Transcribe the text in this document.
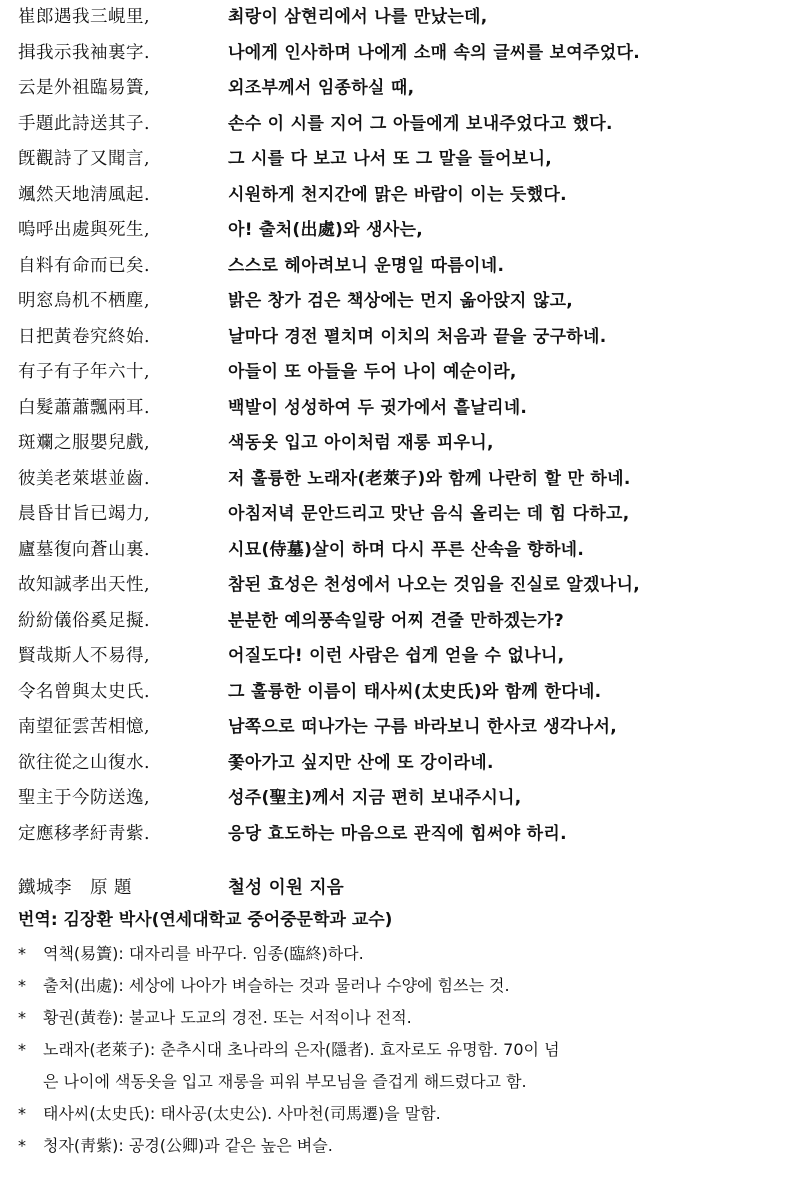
崔郎遇我三峴里,	최랑이 삼현리에서 나를 만났는데,
揖我示我袖裏字.	나에게 인사하며 나에게 소매 속의 글씨를 보여주었다.
云是外祖臨易簀,	외조부께서 임종하실 때,
手題此詩送其子.	손수 이 시를 지어 그 아들에게 보내주었다고 했다.
旣觀詩了又聞言,	그 시를 다 보고 나서 또 그 말을 들어보니,
颯然天地淸風起.	시원하게 천지간에 맑은 바람이 이는 듯했다.
嗚呼出處與死生,	아! 출처(出處)와 생사는,
自料有命而已矣.	스스로 헤아려보니 운명일 따름이네.
明窓烏机不栖塵,	밝은 창가 검은 책상에는 먼지 옮아앉지 않고,
日把黃卷究終始.	날마다 경전 펼치며 이치의 처음과 끝을 궁구하네.
有子有子年六十,	아들이 또 아들을 두어 나이 예순이라,
白髮蕭蕭飄兩耳.	백발이 성성하여 두 귓가에서 흩날리네.
斑斕之服嬰兒戲,	색동옷 입고 아이처럼 재롱 피우니,
彼美老萊堪並齒.	저 훌륭한 노래자(老萊子)와 함께 나란히 할 만 하네.
晨昏甘旨已竭力,	아침저녁 문안드리고 맛난 음식 올리는 데 힘 다하고,
廬墓復向蒼山裏.	시묘(侍墓)살이 하며 다시 푸른 산속을 향하네.
故知誠孝出天性,	참된 효성은 천성에서 나오는 것임을 진실로 알겠나니,
紛紛儀俗奚足擬.	분분한 예의풍속일랑 어찌 견줄 만하겠는가?
賢哉斯人不易得,	어질도다! 이런 사람은 쉽게 얻을 수 없나니,
令名曾與太史氏.	그 훌륭한 이름이 태사씨(太史氏)와 함께 한다네.
南望征雲苦相憶,	남쪽으로 떠나가는 구름 바라보니 한사코 생각나서,
欲往從之山復水.	쫓아가고 싶지만 산에 또 강이라네.
聖主于今防送逸,	성주(聖主)께서 지금 편히 보내주시니,
定應移孝紆靑紫.	응당 효도하는 마음으로 관직에 힘써야 하리.
鐵城李　原 題	철성 이원 지음
번역: 김장환 박사(연세대학교 중어중문학과 교수)
* 역책(易簀): 대자리를 바꾸다. 임종(臨終)하다.
* 출처(出處): 세상에 나아가 벼슬하는 것과 물러나 수양에 힘쓰는 것.
* 황권(黃卷): 불교나 도교의 경전. 또는 서적이나 전적.
* 노래자(老萊子): 춘추시대 초나라의 은자(隱者). 효자로도 유명함. 70이 넘
은 나이에 색동옷을 입고 재롱을 피워 부모님을 즐겁게 해드렸다고 함.
* 태사씨(太史氏): 태사공(太史公). 사마천(司馬遷)을 말함.
* 청자(靑紫): 공경(公卿)과 같은 높은 벼슬.
